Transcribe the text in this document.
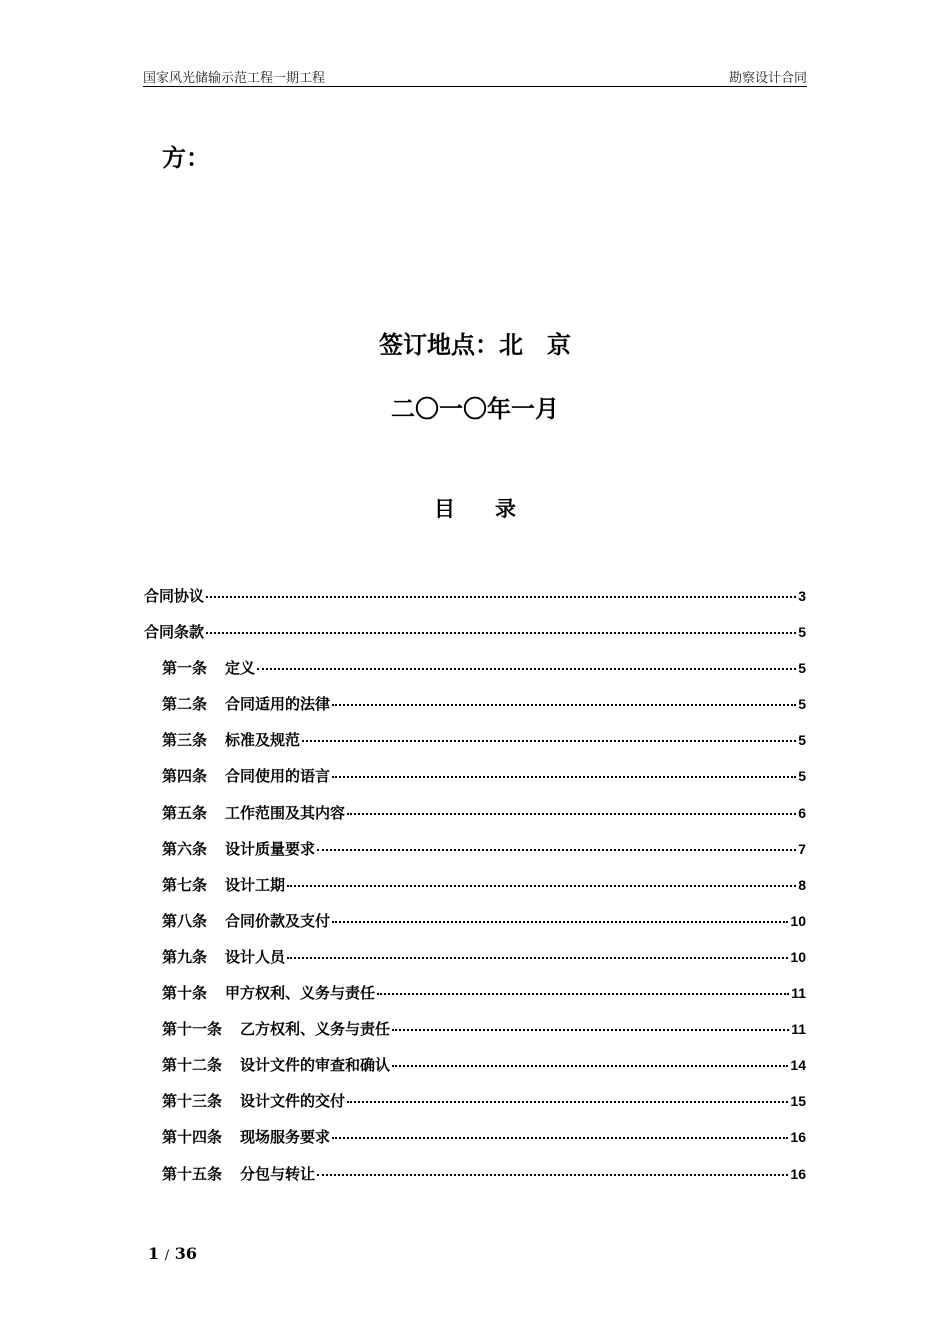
国家风光储输示范工程一期工程	勘察设计合同
方：
签订地点：北　京
二〇一〇年一月
目录
合同协议	3
合同条款	5
第一条 定义	5
第二条 合同适用的法律	5
第三条 标准及规范	5
第四条 合同使用的语言	5
第五条 工作范围及其内容	6
第六条 设计质量要求	7
第七条 设计工期	8
第八条 合同价款及支付	10
第九条 设计人员	10
第十条 甲方权利、义务与责任	11
第十一条 乙方权利、义务与责任	11
第十二条 设计文件的审查和确认	14
第十三条 设计文件的交付	15
第十四条 现场服务要求	16
第十五条 分包与转让	16
1 / 36
